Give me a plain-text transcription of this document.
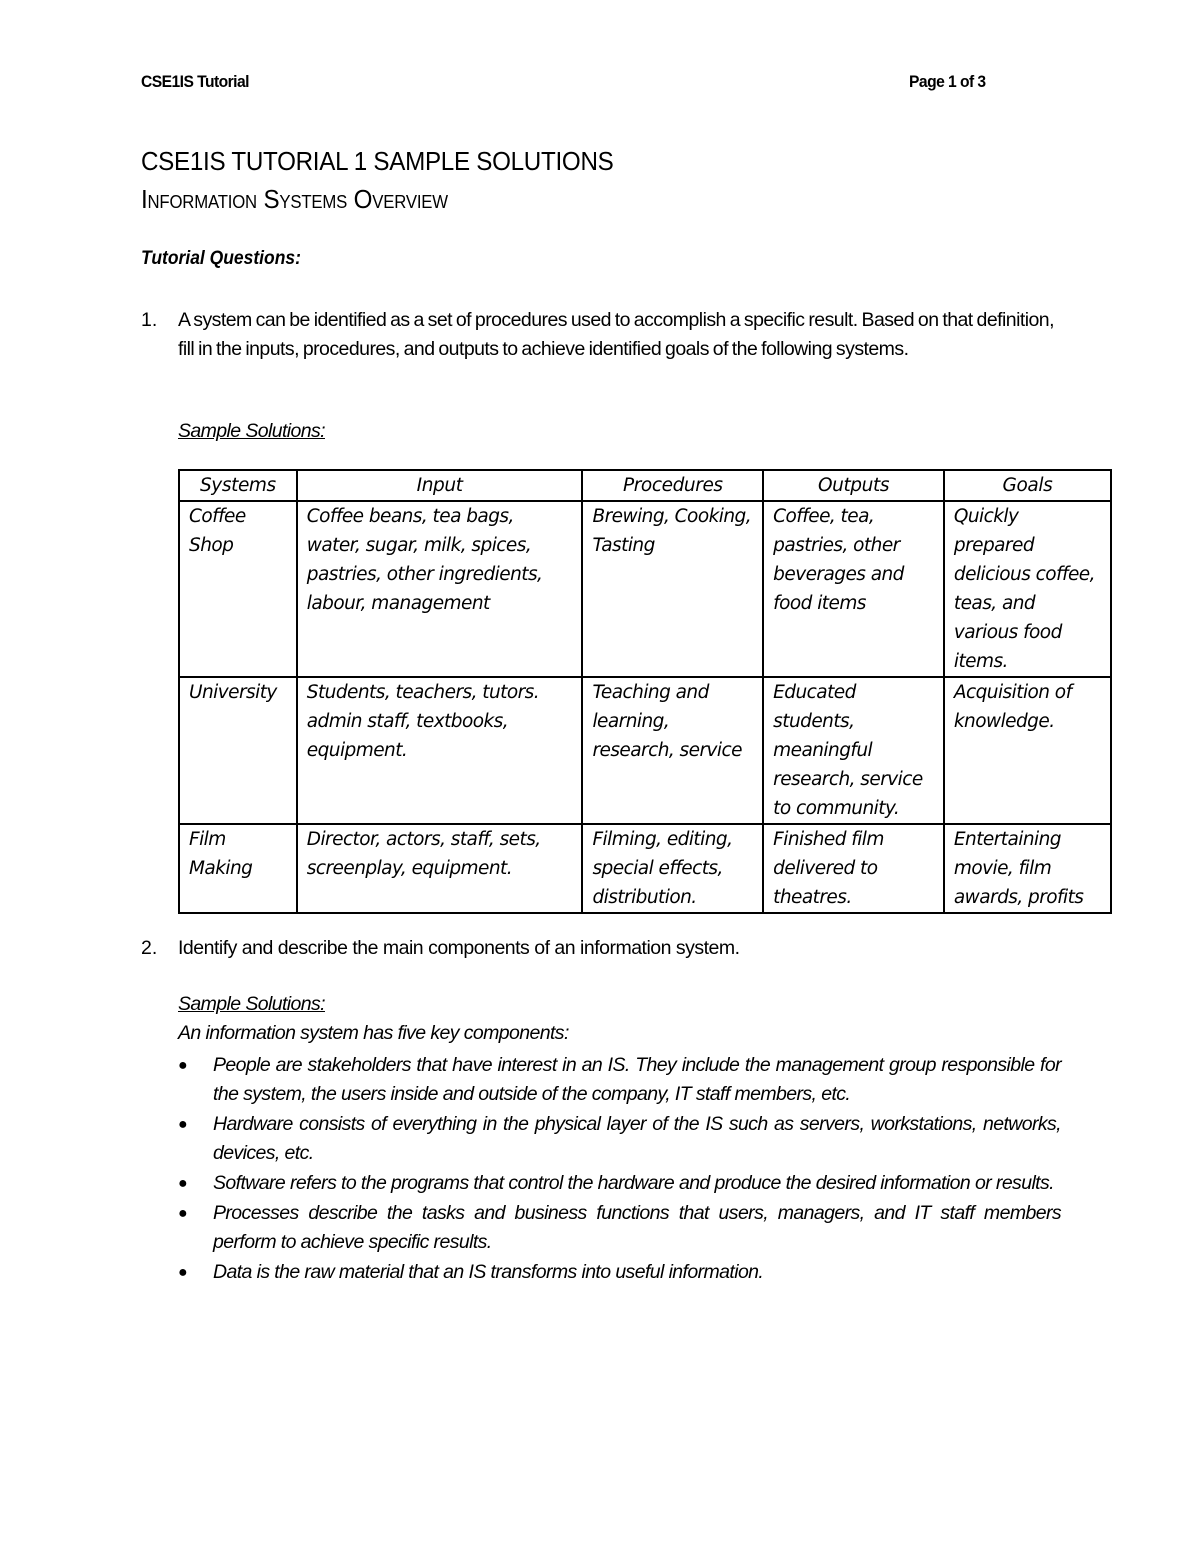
CSE1IS Tutorial	Page 1 of 3
CSE1IS TUTORIAL 1 SAMPLE SOLUTIONS
Information Systems Overview
Tutorial Questions:
1. A system can be identified as a set of procedures used to accomplish a specific result. Based on that definition, fill in the inputs, procedures, and outputs to achieve identified goals of the following systems.
Sample Solutions:
Systems	Input	Procedures	Outputs	Goals
Coffee Shop	Coffee beans, tea bags, water, sugar, milk, spices, pastries, other ingredients, labour, management	Brewing, Cooking, Tasting	Coffee, tea, pastries, other beverages and food items	Quickly prepared delicious coffee, teas, and various food items.
University	Students, teachers, tutors. admin staff, textbooks, equipment.	Teaching and learning, research, service	Educated students, meaningful research, service to community.	Acquisition of knowledge.
Film Making	Director, actors, staff, sets, screenplay, equipment.	Filming, editing, special effects, distribution.	Finished film delivered to theatres.	Entertaining movie, film awards, profits
2. Identify and describe the main components of an information system.
Sample Solutions:
An information system has five key components:
● People are stakeholders that have interest in an IS. They include the management group responsible for the system, the users inside and outside of the company, IT staff members, etc.
● Hardware consists of everything in the physical layer of the IS such as servers, workstations, networks, devices, etc.
● Software refers to the programs that control the hardware and produce the desired information or results.
● Processes describe the tasks and business functions that users, managers, and IT staff members perform to achieve specific results.
● Data is the raw material that an IS transforms into useful information.
